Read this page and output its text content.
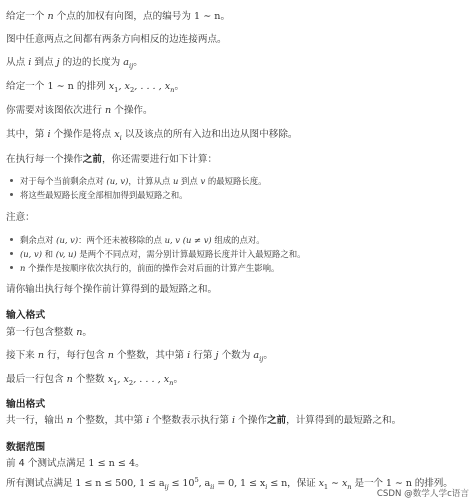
给定一个 n 个点的加权有向图，点的编号为 1 ∼ n。
图中任意两点之间都有两条方向相反的边连接两点。
从点 i 到点 j 的边的长度为 $a_{ij}$。
给定一个 1 ∼ n 的排列 $x_1$, $x_2$, . . . , $x_n$。
你需要对该图依次进行 n 个操作。
其中，第 i 个操作是将点 $x_i$ 以及该点的所有入边和出边从图中移除。
在执行每一个操作之前，你还需要进行如下计算：
对于每个当前剩余点对 (u, v)，计算从点 u 到点 v 的最短路长度。
将这些最短路长度全部相加得到最短路之和。
注意：
剩余点对 (u, v)：两个还未被移除的点 u, v (u ≠ v) 组成的点对。
(u, v) 和 (v, u) 是两个不同点对，需分别计算最短路长度并计入最短路之和。
n 个操作是按顺序依次执行的，前面的操作会对后面的计算产生影响。
请你输出执行每个操作前计算得到的最短路之和。
输入格式
第一行包含整数 n。
接下来 n 行，每行包含 n 个整数，其中第 i 行第 j 个数为 $a_{ij}$。
最后一行包含 n 个整数 $x_1$, $x_2$, . . . , $x_n$。
输出格式
共一行，输出 n 个整数，其中第 i 个整数表示执行第 i 个操作之前，计算得到的最短路之和。
数据范围
前 4 个测试点满足 1 ≤ n ≤ 4。
所有测试点满足 1 ≤ n ≤ 500, $1 \le a_{ij} \le 10^5$, $a_{ii} = 0$, $1 \le x_i \le n$，保证 $x_1$ ∼ $x_n$ 是一个 1 ∼ n 的排列。
CSDN @数学人学c语言
